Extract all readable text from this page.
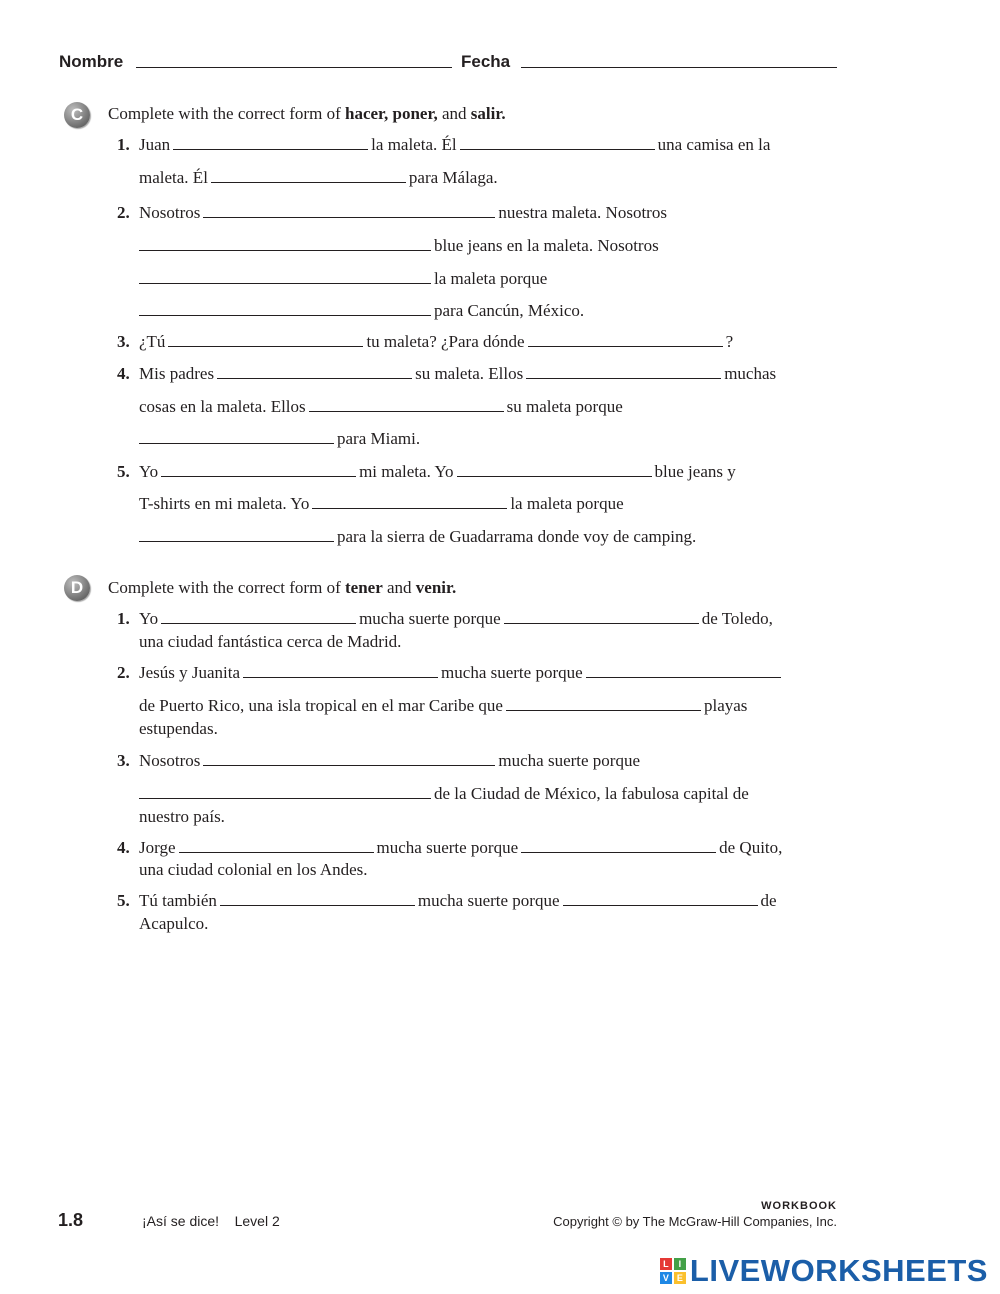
Nombre	Fecha
C	Complete with the correct form of hacer, poner, and salir.
1. Juan	la maleta. Él	una camisa en la
maleta. Él	para Málaga.
2. Nosotros	nuestra maleta. Nosotros
blue jeans en la maleta. Nosotros
la maleta porque
para Cancún, México.
3. ¿Tú	tu maleta? ¿Para dónde	?
4. Mis padres	su maleta. Ellos	muchas
cosas en la maleta. Ellos	su maleta porque
para Miami.
5. Yo	mi maleta. Yo	blue jeans y
T-shirts en mi maleta. Yo	la maleta porque
para la sierra de Guadarrama donde voy de camping.
D	Complete with the correct form of tener and venir.
1. Yo	mucha suerte porque	de Toledo,
una ciudad fantástica cerca de Madrid.
2. Jesús y Juanita	mucha suerte porque
de Puerto Rico, una isla tropical en el mar Caribe que	playas
estupendas.
3. Nosotros	mucha suerte porque
de la Ciudad de México, la fabulosa capital de
nuestro país.
4. Jorge	mucha suerte porque	de Quito,
una ciudad colonial en los Andes.
5. Tú también	mucha suerte porque	de
Acapulco.
1.8	¡Así se dice! Level 2
WORKBOOK
Copyright © by The McGraw-Hill Companies, Inc.
L	I
V E LIVEWORKSHEETS
